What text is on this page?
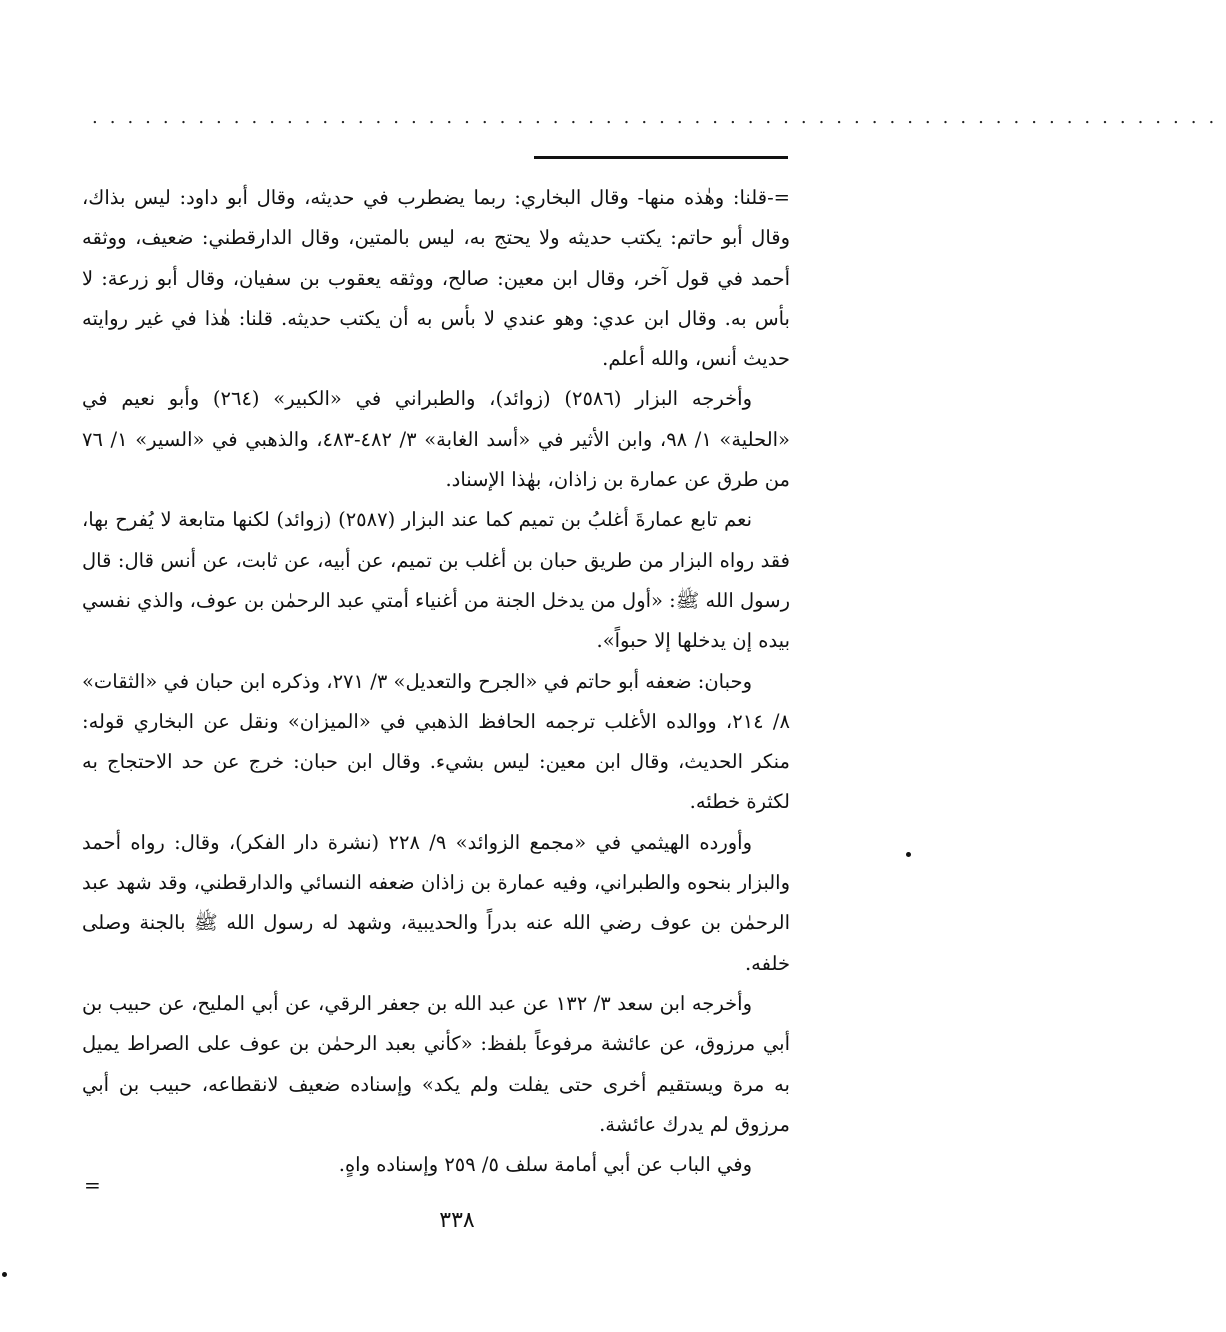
................................................................

=-قلنا: وهٰذه منها- وقال البخاري: ربما يضطرب في حديثه، وقال أبو داود: ليس بذاك، وقال أبو حاتم: يكتب حديثه ولا يحتج به، ليس بالمتين، وقال الدارقطني: ضعيف، ووثقه أحمد في قول آخر، وقال ابن معين: صالح، ووثقه يعقوب بن سفيان، وقال أبو زرعة: لا بأس به. وقال ابن عدي: وهو عندي لا بأس به أن يكتب حديثه. قلنا: هٰذا في غير روايته حديث أنس، والله أعلم.

وأخرجه البزار (٢٥٨٦) (زوائد)، والطبراني في «الكبير» (٢٦٤) وأبو نعيم في «الحلية» ١/ ٩٨، وابن الأثير في «أسد الغابة» ٣/ ٤٨٢-٤٨٣، والذهبي في «السير» ١/ ٧٦ من طرق عن عمارة بن زاذان، بهٰذا الإسناد.

نعم تابع عمارةَ أغلبُ بن تميم كما عند البزار (٢٥٨٧) (زوائد) لكنها متابعة لا يُفرح بها، فقد رواه البزار من طريق حبان بن أغلب بن تميم، عن أبيه، عن ثابت، عن أنس قال: قال رسول الله ﷺ: «أول من يدخل الجنة من أغنياء أمتي عبد الرحمٰن بن عوف، والذي نفسي بيده إن يدخلها إلا حبواً».

وحبان: ضعفه أبو حاتم في «الجرح والتعديل» ٣/ ٢٧١، وذكره ابن حبان في «الثقات» ٨/ ٢١٤، ووالده الأغلب ترجمه الحافظ الذهبي في «الميزان» ونقل عن البخاري قوله: منكر الحديث، وقال ابن معين: ليس بشيء. وقال ابن حبان: خرج عن حد الاحتجاج به لكثرة خطئه.

وأورده الهيثمي في «مجمع الزوائد» ٩/ ٢٢٨ (نشرة دار الفكر)، وقال: رواه أحمد والبزار بنحوه والطبراني، وفيه عمارة بن زاذان ضعفه النسائي والدارقطني، وقد شهد عبد الرحمٰن بن عوف رضي الله عنه بدراً والحديبية، وشهد له رسول الله ﷺ بالجنة وصلى خلفه.

وأخرجه ابن سعد ٣/ ١٣٢ عن عبد الله بن جعفر الرقي، عن أبي المليح، عن حبيب بن أبي مرزوق، عن عائشة مرفوعاً بلفظ: «كأني بعبد الرحمٰن بن عوف على الصراط يميل به مرة ويستقيم أخرى حتى يفلت ولم يكد» وإسناده ضعيف لانقطاعه، حبيب بن أبي مرزوق لم يدرك عائشة.

وفي الباب عن أبي أمامة سلف ٥/ ٢٥٩ وإسناده واهٍ.

=
٣٣٨
